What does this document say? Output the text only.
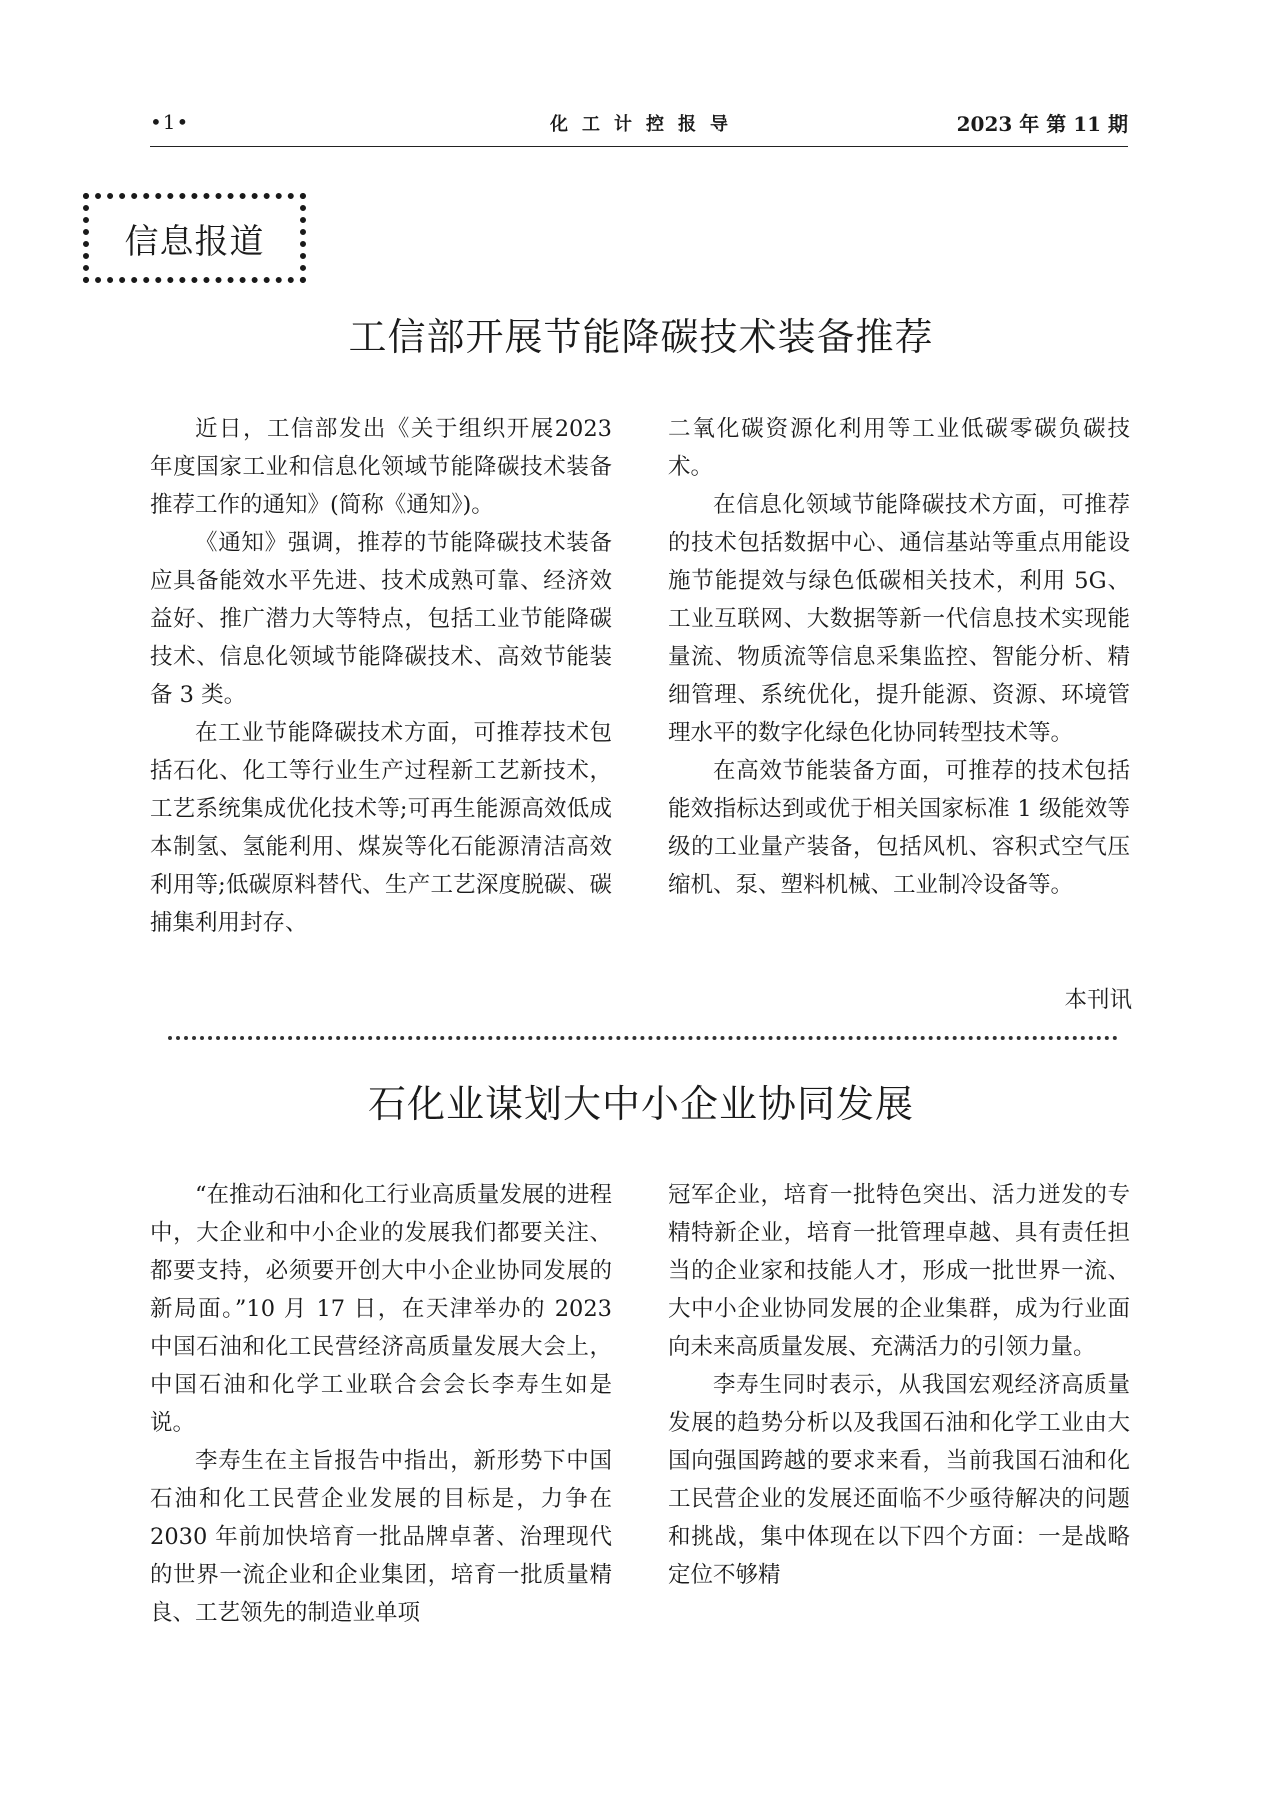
•1•	化工计控报导	2023 年 第 11 期
信息报道
工信部开展节能降碳技术装备推荐

近日，工信部发出《关于组织开展2023 年度国家工业和信息化领域节能降碳技术装备推荐工作的通知》(简称《通知》)。

《通知》强调，推荐的节能降碳技术装备应具备能效水平先进、技术成熟可靠、经济效益好、推广潜力大等特点，包括工业节能降碳技术、信息化领域节能降碳技术、高效节能装备 3 类。

在工业节能降碳技术方面，可推荐技术包括石化、化工等行业生产过程新工艺新技术，工艺系统集成优化技术等;可再生能源高效低成本制氢、氢能利用、煤炭等化石能源清洁高效利用等;低碳原料替代、生产工艺深度脱碳、碳捕集利用封存、

二氧化碳资源化利用等工业低碳零碳负碳技术。

在信息化领域节能降碳技术方面，可推荐的技术包括数据中心、通信基站等重点用能设施节能提效与绿色低碳相关技术，利用 5G、工业互联网、大数据等新一代信息技术实现能量流、物质流等信息采集监控、智能分析、精细管理、系统优化，提升能源、资源、环境管理水平的数字化绿色化协同转型技术等。

在高效节能装备方面，可推荐的技术包括能效指标达到或优于相关国家标准 1 级能效等级的工业量产装备，包括风机、容积式空气压缩机、泵、塑料机械、工业制冷设备等。

本刊讯
石化业谋划大中小企业协同发展

“在推动石油和化工行业高质量发展的进程中，大企业和中小企业的发展我们都要关注、都要支持，必须要开创大中小企业协同发展的新局面。”10 月 17 日，在天津举办的 2023 中国石油和化工民营经济高质量发展大会上，中国石油和化学工业联合会会长李寿生如是说。

李寿生在主旨报告中指出，新形势下中国石油和化工民营企业发展的目标是，力争在 2030 年前加快培育一批品牌卓著、治理现代的世界一流企业和企业集团，培育一批质量精良、工艺领先的制造业单项

冠军企业，培育一批特色突出、活力迸发的专精特新企业，培育一批管理卓越、具有责任担当的企业家和技能人才，形成一批世界一流、大中小企业协同发展的企业集群，成为行业面向未来高质量发展、充满活力的引领力量。

李寿生同时表示，从我国宏观经济高质量发展的趋势分析以及我国石油和化学工业由大国向强国跨越的要求来看，当前我国石油和化工民营企业的发展还面临不少亟待解决的问题和挑战，集中体现在以下四个方面：一是战略定位不够精
